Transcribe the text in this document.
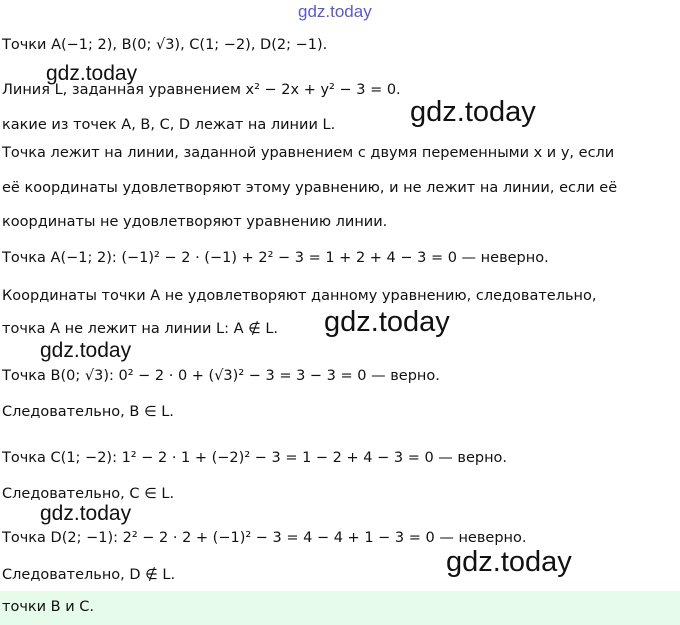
gdz.today
Точки A(−1; 2), B(0; √3), C(1; −2), D(2; −1).
gdz.today
Линия L, заданная уравнением x² − 2x + y² − 3 = 0.
какие из точек A, B, C, D лежат на линии L.	gdz.today
Точка лежит на линии, заданной уравнением с двумя переменными x и y, если
её координаты удовлетворяют этому уравнению, и не лежит на линии, если её
координаты не удовлетворяют уравнению линии.
Точка A(−1; 2): (−1)² − 2 · (−1) + 2² − 3 = 1 + 2 + 4 − 3 = 0 — неверно.
Координаты точки A не удовлетворяют данному уравнению, следовательно,
точка A не лежит на линии L: A ∉ L. gdz.today
gdz.today
Точка B(0; √3): 0² − 2 · 0 + (√3)² − 3 = 3 − 3 = 0 — верно.
Следовательно, B ∈ L.
Точка C(1; −2): 1² − 2 · 1 + (−2)² − 3 = 1 − 2 + 4 − 3 = 0 — верно.
Следовательно, C ∈ L.
gdz.today
Точка D(2; −1): 2² − 2 · 2 + (−1)² − 3 = 4 − 4 + 1 − 3 = 0 — неверно.
gdz.today
Следовательно, D ∉ L.
точки B и C.
